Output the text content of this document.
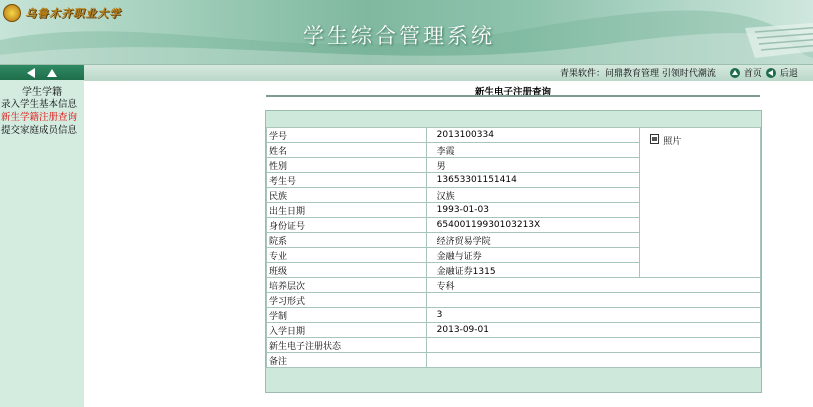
乌鲁木齐职业大学
学生综合管理系统
青果软件：问鼎教育管理 引领时代潮流	首页 后退
学生学籍
录入学生基本信息
新生学籍注册查询
提交家庭成员信息
新生电子注册查询
学号	2013100334	照片
姓名	李霞	
性别	男	
考生号	13653301151414	
民族	汉族	
出生日期	1993-01-03	
身份证号	65400119930103213X	
院系	经济贸易学院	
专业	金融与证券	
班级	金融证券1315	
培养层次	专科	
学习形式		
学制	3	
入学日期	2013-09-01	
新生电子注册状态		
备注		
